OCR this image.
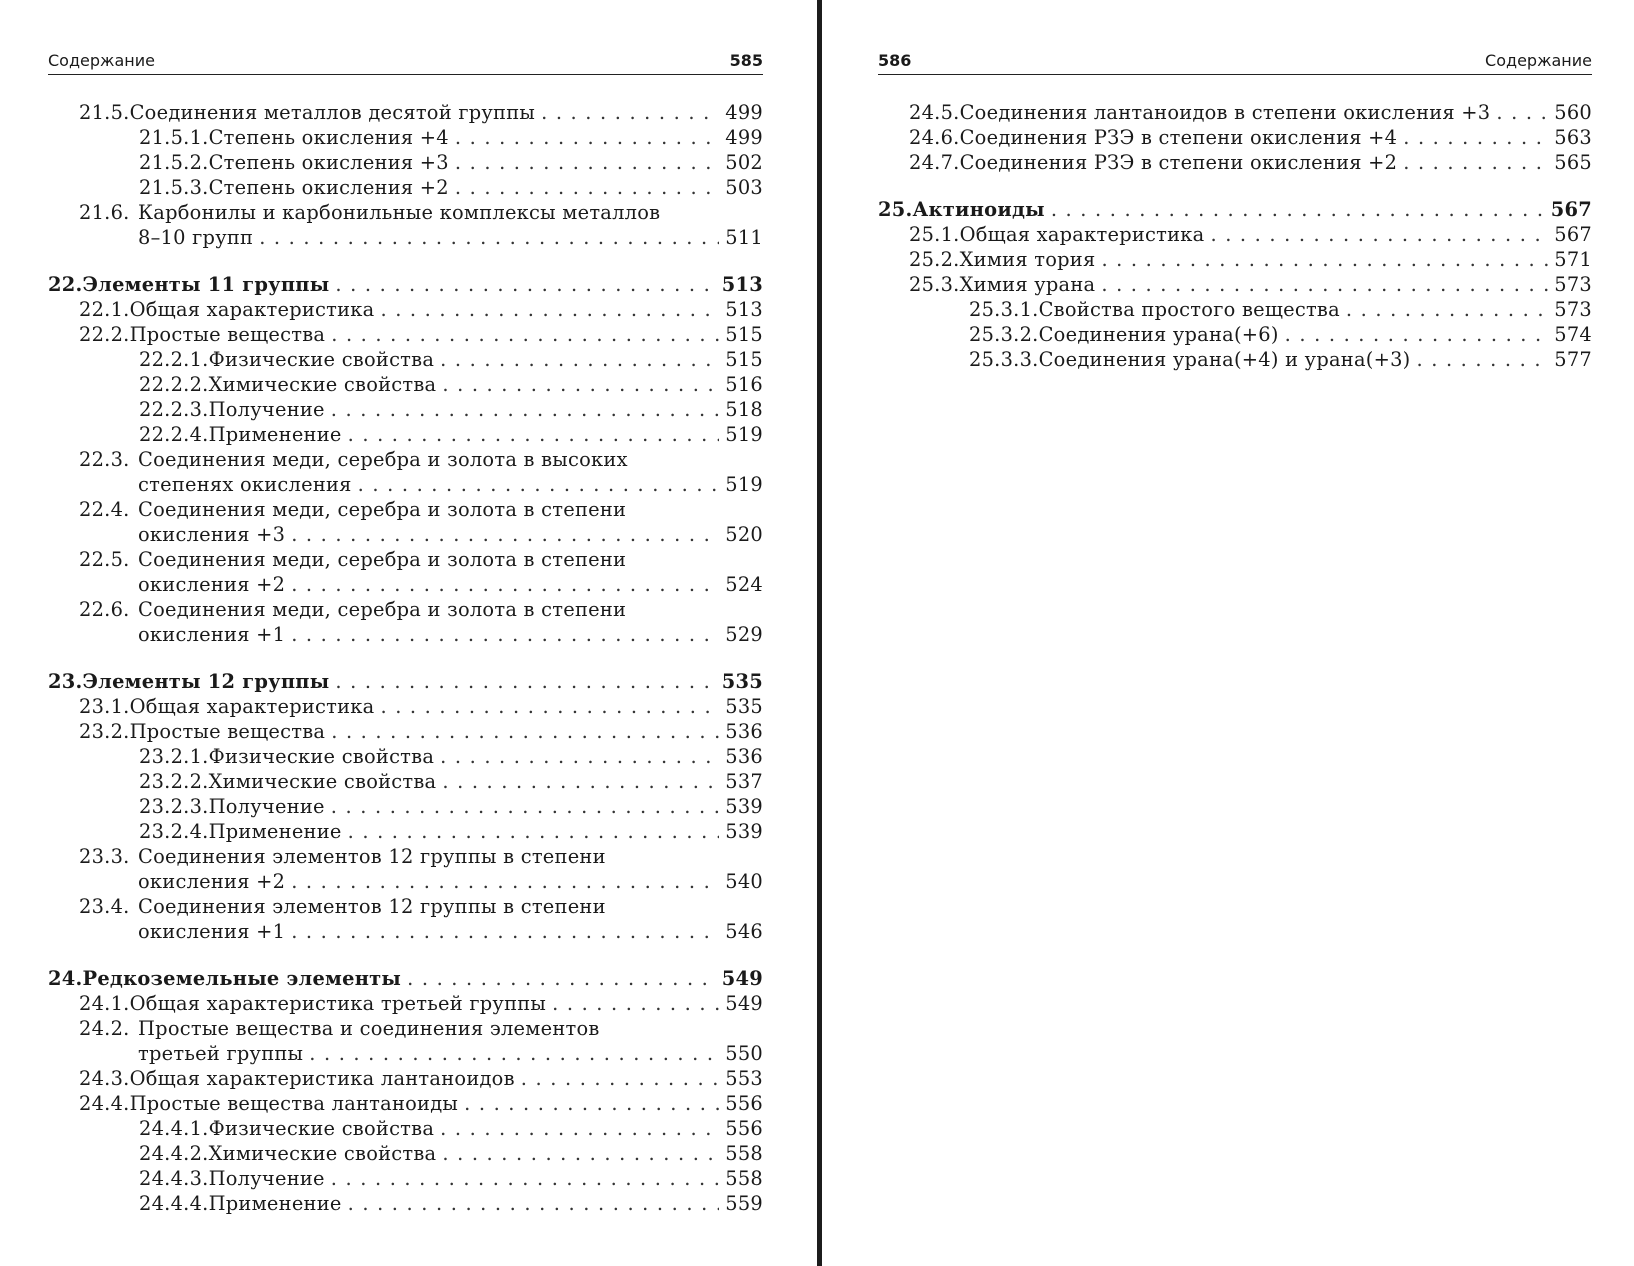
Содержание	585
21.5. Соединения металлов десятой группы . . .	499
21.5.1. Степень окисления +4 . . .	499
21.5.2. Степень окисления +3 . . .	502
21.5.3. Степень окисления +2 . . .	503
21.6. Карбонилы и карбонильные комплексы металлов
8–10 групп . . .	511
22. Элементы 11 группы . . .	513
22.1. Общая характеристика . . .	513
22.2. Простые вещества . . .	515
22.2.1. Физические свойства . . .	515
22.2.2. Химические свойства . . .	516
22.2.3. Получение . . .	518
22.2.4. Применение . . .	519
22.3. Соединения меди, серебра и золота в высоких
степенях окисления . . .	519
22.4. Соединения меди, серебра и золота в степени
окисления +3 . . .	520
22.5. Соединения меди, серебра и золота в степени
окисления +2 . . .	524
22.6. Соединения меди, серебра и золота в степени
окисления +1 . . .	529
23. Элементы 12 группы . . .	535
23.1. Общая характеристика . . .	535
23.2. Простые вещества . . .	536
23.2.1. Физические свойства . . .	536
23.2.2. Химические свойства . . .	537
23.2.3. Получение . . .	539
23.2.4. Применение . . .	539
23.3. Соединения элементов 12 группы в степени
окисления +2 . . .	540
23.4. Соединения элементов 12 группы в степени
окисления +1 . . .	546
24. Редкоземельные элементы . . .	549
24.1. Общая характеристика третьей группы . . .	549
24.2. Простые вещества и соединения элементов
третьей группы . . .	550
24.3. Общая характеристика лантаноидов . . .	553
24.4. Простые вещества лантаноиды . . .	556
24.4.1. Физические свойства . . .	556
24.4.2. Химические свойства . . .	558
24.4.3. Получение . . .	558
24.4.4. Применение . . .	559
586	Содержание
24.5. Соединения лантаноидов в степени окисления +3 . . .	560
24.6. Соединения РЗЭ в степени окисления +4 . . .	563
24.7. Соединения РЗЭ в степени окисления +2 . . .	565
25. Актиноиды . . .	567
25.1. Общая характеристика . . .	567
25.2. Химия тория . . .	571
25.3. Химия урана . . .	573
25.3.1. Свойства простого вещества . . .	573
25.3.2. Соединения урана(+6) . . .	574
25.3.3. Соединения урана(+4) и урана(+3) . . .	577
